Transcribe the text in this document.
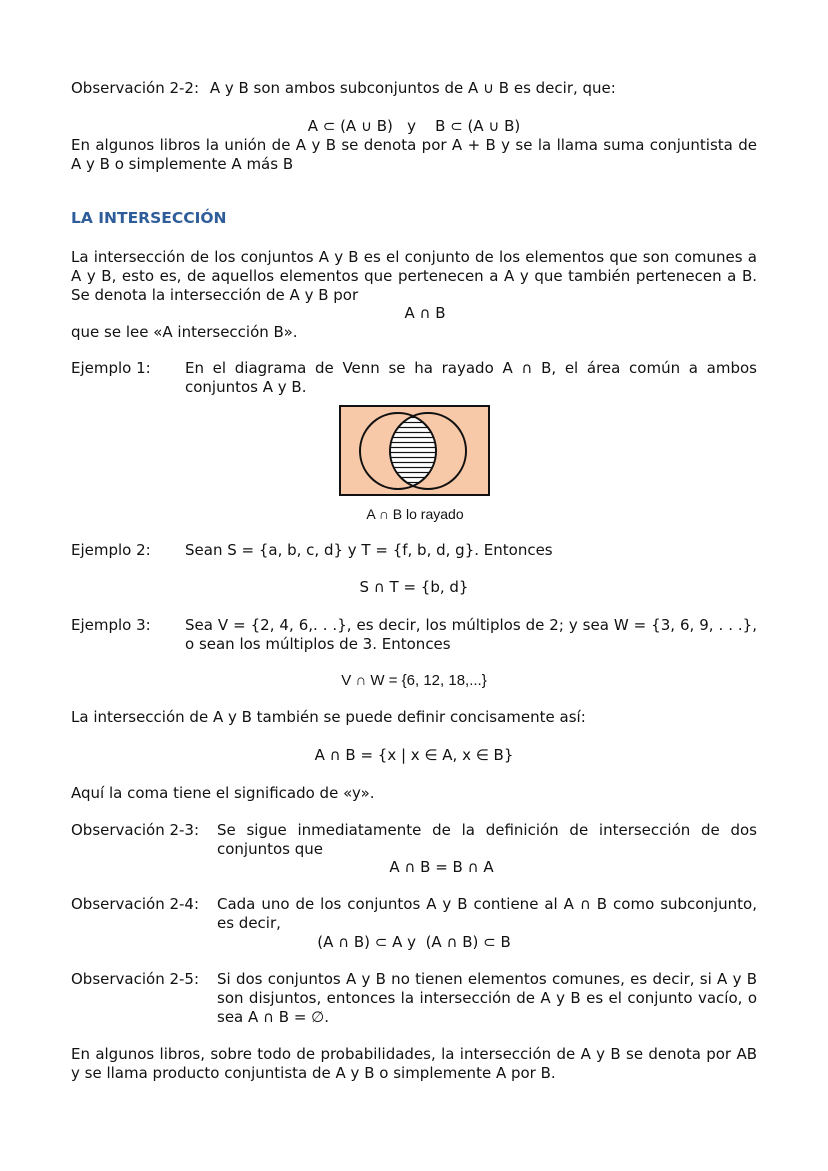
Observación 2-2: A y B son ambos subconjuntos de A ∪ B es decir, que:
A ⊂ (A ∪ B)   y    B ⊂ (A ∪ B)
En algunos libros la unión de A y B se denota por A + B y se la llama suma conjuntista de A y B o simplemente A más B
LA INTERSECCIÓN
La intersección de los conjuntos A y B es el conjunto de los elementos que son comunes a A y B, esto es, de aquellos elementos que pertenecen a A y que también pertenecen a B. Se denota la intersección de A y B por
A ∩ B
que se lee «A intersección B».
Ejemplo 1: En el diagrama de Venn se ha rayado A ∩ B, el área común a ambos conjuntos A y B.
A ∩ B lo rayado
Ejemplo 2: Sean S = {a, b, c, d} y T = {f, b, d, g}. Entonces
S ∩ T = {b, d}
Ejemplo 3: Sea V = {2, 4, 6,. . .}, es decir, los múltiplos de 2; y sea W = {3, 6, 9, . . .}, o sean los múltiplos de 3. Entonces
V ∩ W = {6, 12, 18,...}
La intersección de A y B también se puede definir concisamente así:
A ∩ B = {x | x ∈ A, x ∈ B}
Aquí la coma tiene el significado de «y».
Observación 2-3: Se sigue inmediatamente de la definición de intersección de dos conjuntos que
A ∩ B = B ∩ A
Observación 2-4: Cada uno de los conjuntos A y B contiene al A ∩ B como subconjunto, es decir,
(A ∩ B) ⊂ A y  (A ∩ B) ⊂ B
Observación 2-5: Si dos conjuntos A y B no tienen elementos comunes, es decir, si A y B son disjuntos, entonces la intersección de A y B es el conjunto vacío, o sea A ∩ B = ∅.
En algunos libros, sobre todo de probabilidades, la intersección de A y B se denota por AB y se llama producto conjuntista de A y B o simplemente A por B.
